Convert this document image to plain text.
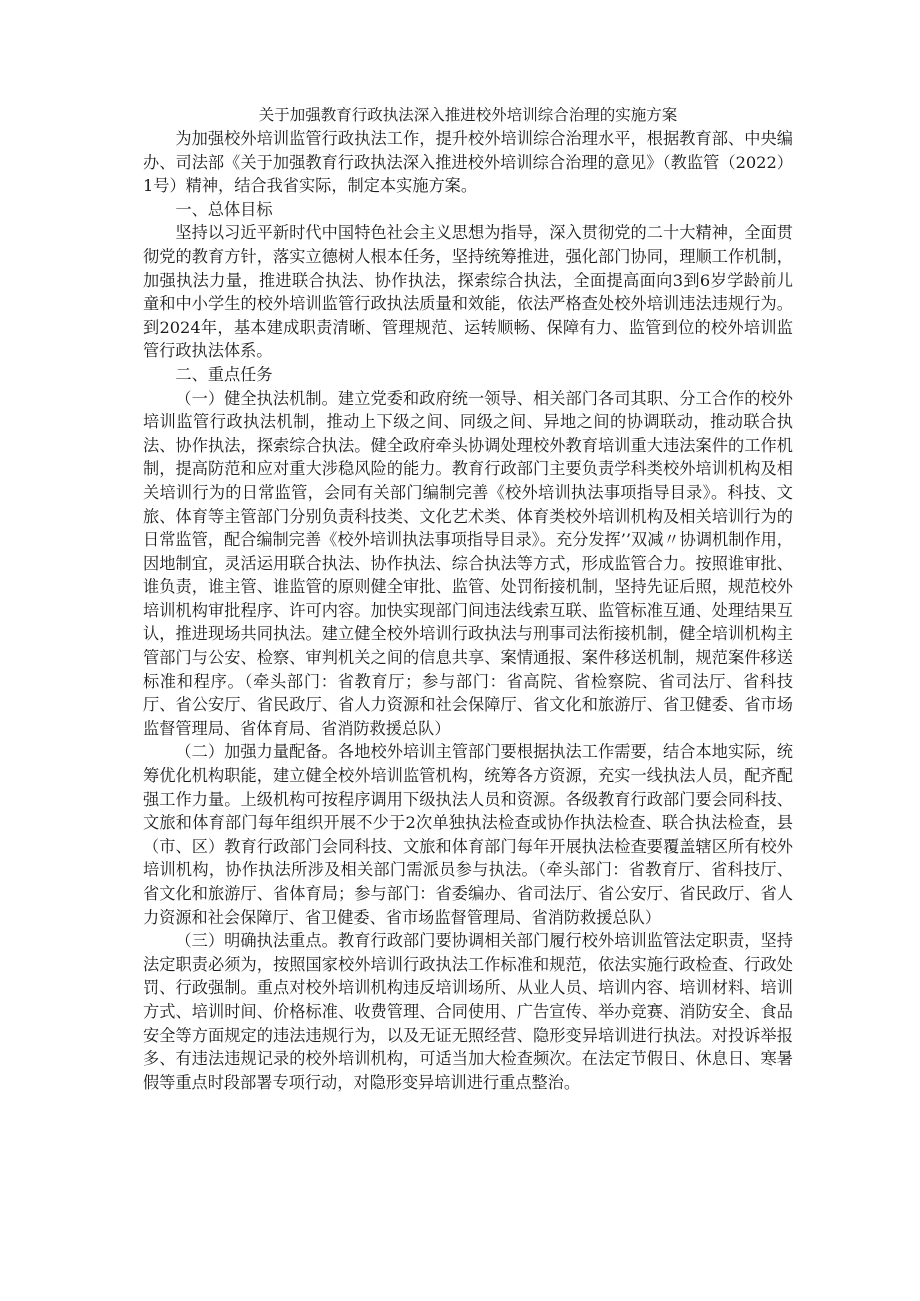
关于加强教育行政执法深入推进校外培训综合治理的实施方案

为加强校外培训监管行政执法工作，提升校外培训综合治理水平，根据教育部、中央编办、司法部《关于加强教育行政执法深入推进校外培训综合治理的意见》（教监管（2022）1号）精神，结合我省实际，制定本实施方案。

一、总体目标

坚持以习近平新时代中国特色社会主义思想为指导，深入贯彻党的二十大精神，全面贯彻党的教育方针，落实立德树人根本任务，坚持统筹推进，强化部门协同，理顺工作机制，加强执法力量，推进联合执法、协作执法，探索综合执法，全面提高面向3到6岁学龄前儿童和中小学生的校外培训监管行政执法质量和效能，依法严格查处校外培训违法违规行为。到2024年，基本建成职责清晰、管理规范、运转顺畅、保障有力、监管到位的校外培训监管行政执法体系。

二、重点任务

（一）健全执法机制。建立党委和政府统一领导、相关部门各司其职、分工合作的校外培训监管行政执法机制，推动上下级之间、同级之间、异地之间的协调联动，推动联合执法、协作执法，探索综合执法。健全政府牵头协调处理校外教育培训重大违法案件的工作机制，提高防范和应对重大涉稳风险的能力。教育行政部门主要负责学科类校外培训机构及相关培训行为的日常监管，会同有关部门编制完善《校外培训执法事项指导目录》。科技、文旅、体育等主管部门分别负责科技类、文化艺术类、体育类校外培训机构及相关培训行为的日常监管，配合编制完善《校外培训执法事项指导目录》。充分发挥’’双减〃协调机制作用，因地制宜，灵活运用联合执法、协作执法、综合执法等方式，形成监管合力。按照谁审批、谁负责，谁主管、谁监管的原则健全审批、监管、处罚衔接机制，坚持先证后照，规范校外培训机构审批程序、许可内容。加快实现部门间违法线索互联、监管标准互通、处理结果互认，推进现场共同执法。建立健全校外培训行政执法与刑事司法衔接机制，健全培训机构主管部门与公安、检察、审判机关之间的信息共享、案情通报、案件移送机制，规范案件移送标准和程序。（牵头部门：省教育厅；参与部门：省高院、省检察院、省司法厅、省科技厅、省公安厅、省民政厅、省人力资源和社会保障厅、省文化和旅游厅、省卫健委、省市场监督管理局、省体育局、省消防救援总队）

（二）加强力量配备。各地校外培训主管部门要根据执法工作需要，结合本地实际，统筹优化机构职能，建立健全校外培训监管机构，统筹各方资源，充实一线执法人员，配齐配强工作力量。上级机构可按程序调用下级执法人员和资源。各级教育行政部门要会同科技、文旅和体育部门每年组织开展不少于2次单独执法检查或协作执法检查、联合执法检查，县（市、区）教育行政部门会同科技、文旅和体育部门每年开展执法检查要覆盖辖区所有校外培训机构，协作执法所涉及相关部门需派员参与执法。（牵头部门：省教育厅、省科技厅、省文化和旅游厅、省体育局；参与部门：省委编办、省司法厅、省公安厅、省民政厅、省人力资源和社会保障厅、省卫健委、省市场监督管理局、省消防救援总队）

（三）明确执法重点。教育行政部门要协调相关部门履行校外培训监管法定职责，坚持法定职责必须为，按照国家校外培训行政执法工作标准和规范，依法实施行政检查、行政处罚、行政强制。重点对校外培训机构违反培训场所、从业人员、培训内容、培训材料、培训方式、培训时间、价格标准、收费管理、合同使用、广告宣传、举办竞赛、消防安全、食品安全等方面规定的违法违规行为，以及无证无照经营、隐形变异培训进行执法。对投诉举报多、有违法违规记录的校外培训机构，可适当加大检查频次。在法定节假日、休息日、寒暑假等重点时段部署专项行动，对隐形变异培训进行重点整治。
